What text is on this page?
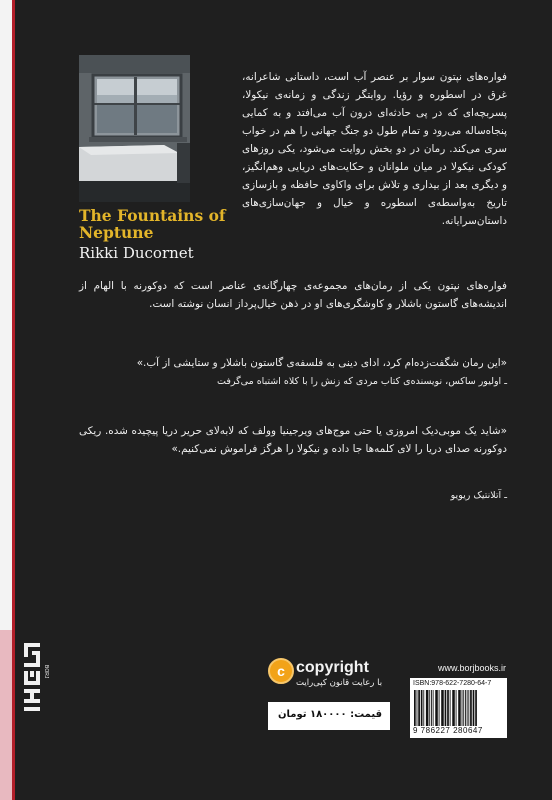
The Fountains of Neptune
Rikki Ducornet

فواره‌های نپتون سوار بر عنصر آب است، داستانی شاعرانه، غرق در اسطوره و رؤیا. روایتگر زندگی و زمانه‌ی نیکولا، پسربچه‌ای که در پی حادثه‌ای درون آب می‌افتد و به کمایی پنجاه‌ساله می‌رود و تمام طول دو جنگ جهانی را هم در خواب سری می‌کند. رمان در دو بخش روایت می‌شود، یکی روزهای کودکی نیکولا در میان ملوانان و حکایت‌های دریایی وهم‌انگیز، و دیگری بعد از بیداری و تلاش برای واکاوی حافظه و بازسازی تاریخ به‌واسطه‌ی اسطوره و خیال و جهان‌سازی‌های داستان‌سرایانه.

فواره‌های نپتون یکی از رمان‌های مجموعه‌ی چهارگانه‌ی عناصر است که دوکورنه با الهام از اندیشه‌های گاستون باشلار و کاوشگری‌های او در ذهن خیال‌پرداز انسان نوشته است.

«این رمان شگفت‌زده‌ام کرد، ادای دینی به فلسفه‌ی گاستون باشلار و ستایشی از آب.»

ـ اولیور ساکس، نویسنده‌ی کتاب مردی که زنش را با کلاه اشتباه می‌گرفت

«شاید یک موبی‌دیک امروزی یا حتی موج‌های ویرجینیا وولف که لابه‌لای حریر دریا پیچیده شده. ریکی دوکورنه صدای دریا را لای کلمه‌ها جا داده و نیکولا را هرگز فراموش نمی‌کنیم.»

ـ آتلانتیک ریویو

BORJ	c copyright
با رعایت قانون کپی‌رایت
قیمت: ۱۸۰۰۰۰ تومان
www.borjbooks.ir
ISBN:978-622-7280-64-7
9 786227 280647
